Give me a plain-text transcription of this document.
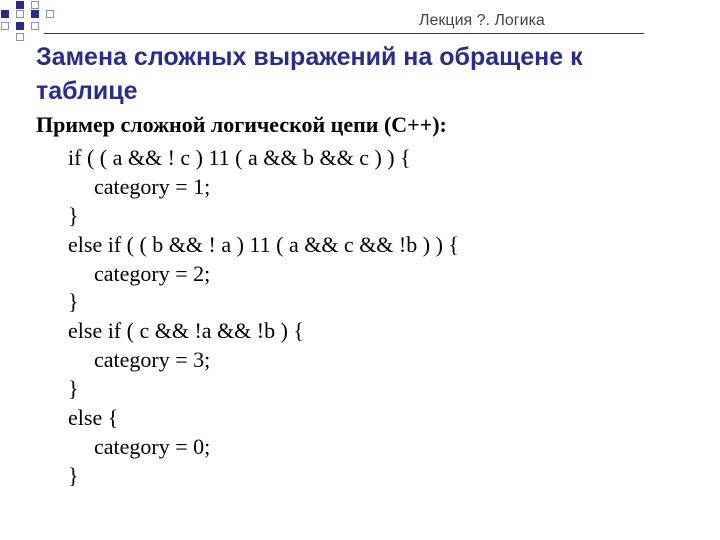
Лекция ?. Логика
Замена сложных выражений на обращене к таблице
Пример сложной логической цепи (C++):
if ( ( a && ! c ) 11 ( a && b && c ) ) {
category = 1;
}
else if ( ( b && ! a ) 11 ( a && c && !b ) ) {
category = 2;
}
else if ( c && !a && !b ) {
category = 3;
}
else {
category = 0;
}
